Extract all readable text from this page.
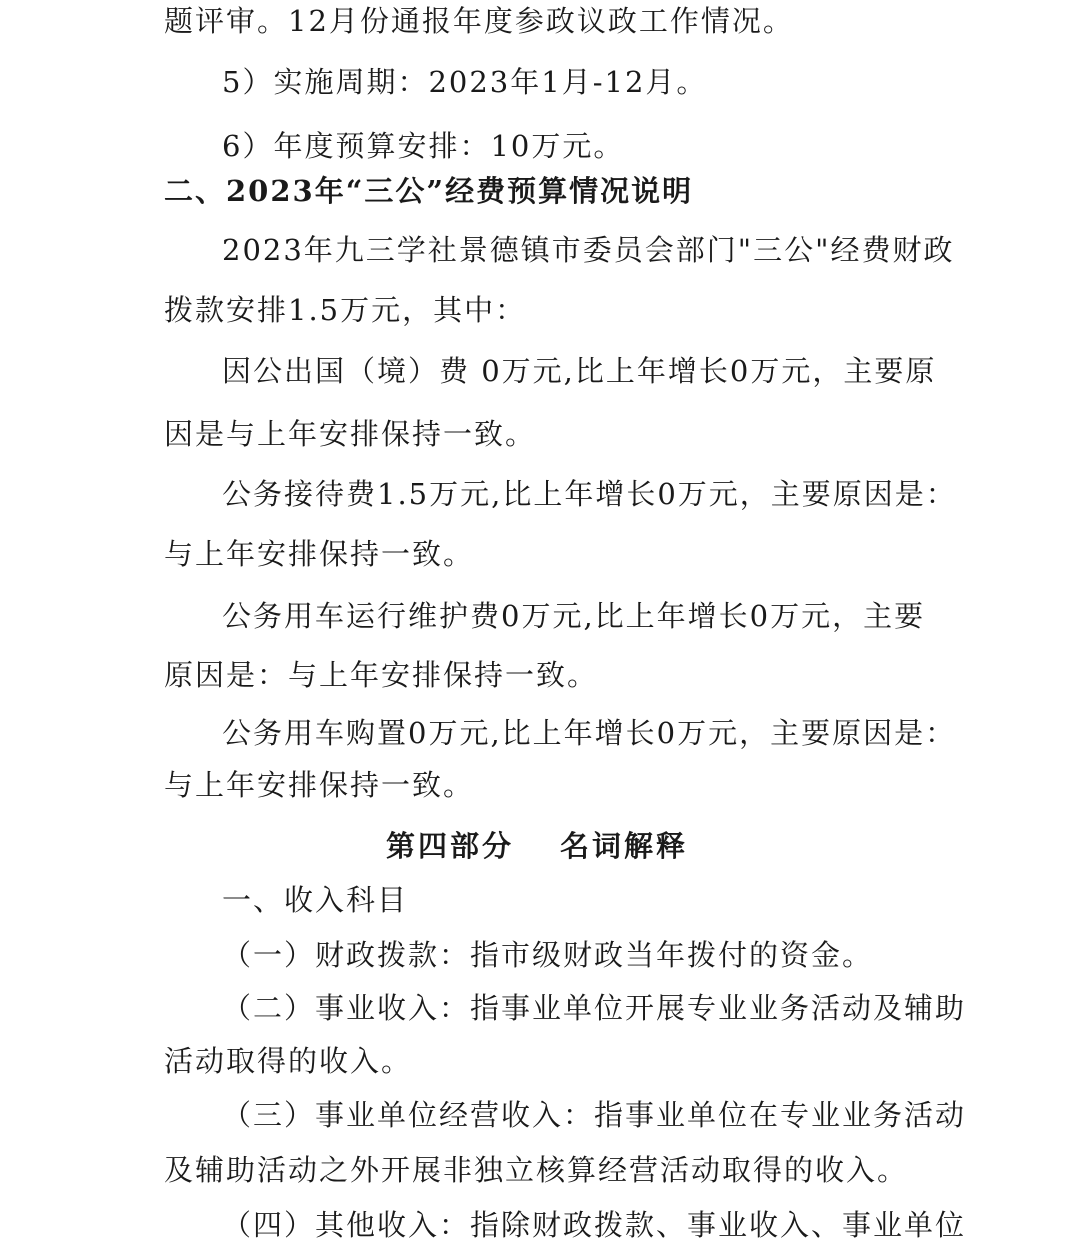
题评审。12月份通报年度参政议政工作情况。
5）实施周期：2023年1月-12月。
6）年度预算安排：10万元。
二、2023年“三公”经费预算情况说明
2023年九三学社景德镇市委员会部门"三公"经费财政
拨款安排1.5万元，其中：
因公出国（境）费 0万元,比上年增长0万元，主要原
因是与上年安排保持一致。
公务接待费1.5万元,比上年增长0万元，主要原因是：
与上年安排保持一致。
公务用车运行维护费0万元,比上年增长0万元，主要
原因是：与上年安排保持一致。
公务用车购置0万元,比上年增长0万元，主要原因是：
与上年安排保持一致。
第四部分 名词解释
一、收入科目
（一）财政拨款：指市级财政当年拨付的资金。
（二）事业收入：指事业单位开展专业业务活动及辅助
活动取得的收入。
（三）事业单位经营收入：指事业单位在专业业务活动
及辅助活动之外开展非独立核算经营活动取得的收入。
（四）其他收入：指除财政拨款、事业收入、事业单位
